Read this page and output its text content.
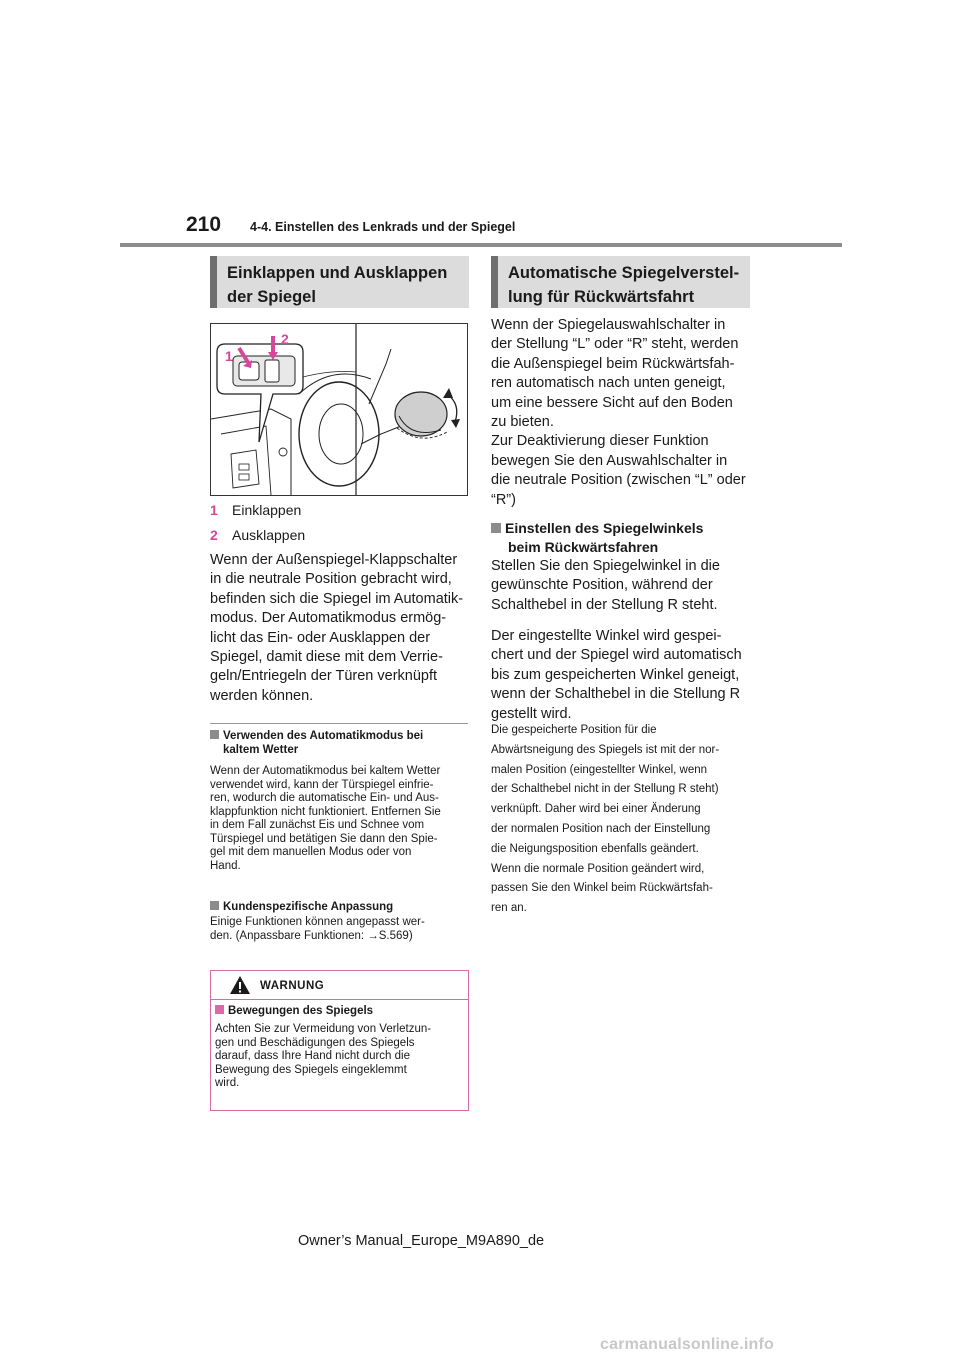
210 4-4. Einstellen des Lenkrads und der Spiegel
Einklappen und Ausklappen
der Spiegel
1
2
1 Einklappen
2 Ausklappen
Wenn der Außenspiegel-Klappschalter
in die neutrale Position gebracht wird,
befinden sich die Spiegel im Automatik-
modus. Der Automatikmodus ermög-
licht das Ein- oder Ausklappen der
Spiegel, damit diese mit dem Verrie-
geln/Entriegeln der Türen verknüpft
werden können.
Verwenden des Automatikmodus bei
kaltem Wetter
Wenn der Automatikmodus bei kaltem Wetter
verwendet wird, kann der Türspiegel einfrie-
ren, wodurch die automatische Ein- und Aus-
klappfunktion nicht funktioniert. Entfernen Sie
in dem Fall zunächst Eis und Schnee vom
Türspiegel und betätigen Sie dann den Spie-
gel mit dem manuellen Modus oder von
Hand.
Kundenspezifische Anpassung
Einige Funktionen können angepasst wer-
den. (Anpassbare Funktionen: →S.569)
WARNUNG
Bewegungen des Spiegels
Achten Sie zur Vermeidung von Verletzun-
gen und Beschädigungen des Spiegels
darauf, dass Ihre Hand nicht durch die
Bewegung des Spiegels eingeklemmt
wird.
Automatische Spiegelverstel-
lung für Rückwärtsfahrt
Wenn der Spiegelauswahlschalter in
der Stellung “L” oder “R” steht, werden
die Außenspiegel beim Rückwärtsfah-
ren automatisch nach unten geneigt,
um eine bessere Sicht auf den Boden
zu bieten.
Zur Deaktivierung dieser Funktion
bewegen Sie den Auswahlschalter in
die neutrale Position (zwischen “L” oder
“R”)
Einstellen des Spiegelwinkels
beim Rückwärtsfahren
Stellen Sie den Spiegelwinkel in die
gewünschte Position, während der
Schalthebel in der Stellung R steht.
Der eingestellte Winkel wird gespei-
chert und der Spiegel wird automatisch
bis zum gespeicherten Winkel geneigt,
wenn der Schalthebel in die Stellung R
gestellt wird.
Die gespeicherte Position für die
Abwärtsneigung des Spiegels ist mit der nor-
malen Position (eingestellter Winkel, wenn
der Schalthebel nicht in der Stellung R steht)
verknüpft. Daher wird bei einer Änderung
der normalen Position nach der Einstellung
die Neigungsposition ebenfalls geändert.
Wenn die normale Position geändert wird,
passen Sie den Winkel beim Rückwärtsfah-
ren an.
Owner’s Manual_Europe_M9A890_de
carmanualsonline.info
